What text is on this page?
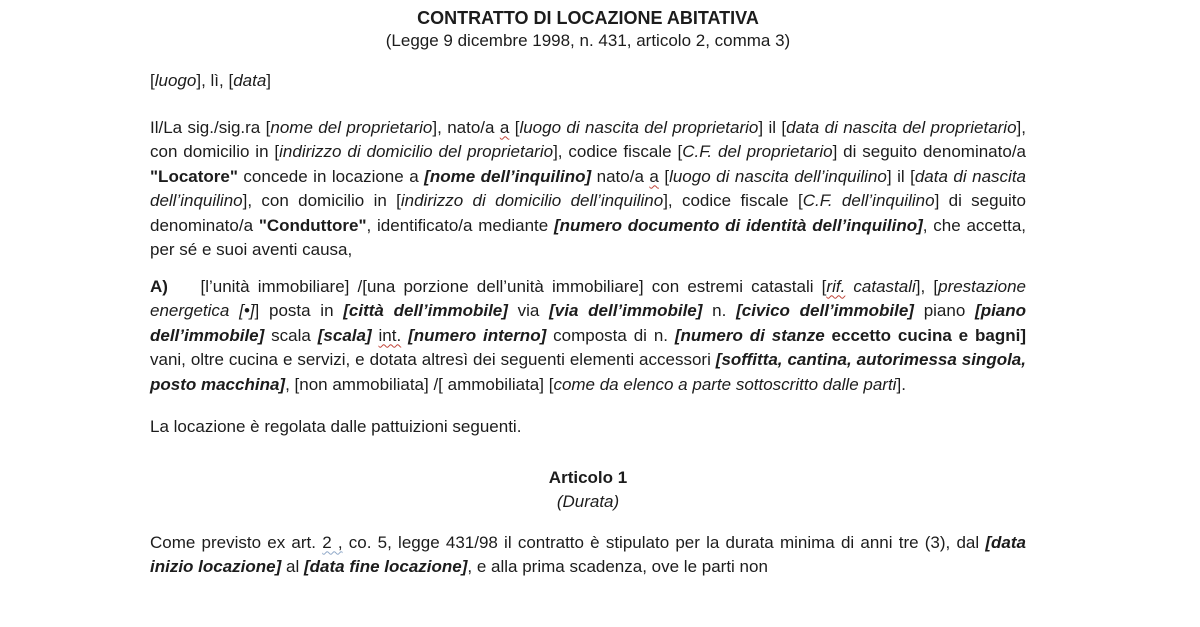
CONTRATTO DI LOCAZIONE ABITATIVA
(Legge 9 dicembre 1998, n. 431, articolo 2, comma 3)

[luogo], lì, [data]

Il/La sig./sig.ra [nome del proprietario], nato/a a [luogo di nascita del proprietario] il [data di nascita del proprietario], con domicilio in [indirizzo di domicilio del proprietario], codice fiscale [C.F. del proprietario] di seguito denominato/a "Locatore" concede in locazione a [nome dell’inquilino] nato/a a [luogo di nascita dell’inquilino] il [data di nascita dell’inquilino], con domicilio in [indirizzo di domicilio dell’inquilino], codice fiscale [C.F. dell’inquilino] di seguito denominato/a "Conduttore", identificato/a mediante [numero documento di identità dell’inquilino], che accetta, per sé e suoi aventi causa,

A)    [l’unità immobiliare] /[una porzione dell’unità immobiliare] con estremi catastali [rif. catastali], [prestazione energetica [•]] posta in [città dell’immobile] via [via dell’immobile] n. [civico dell’immobile] piano [piano dell’immobile] scala [scala] int. [numero interno] composta di n. [numero di stanze eccetto cucina e bagni] vani, oltre cucina e servizi, e dotata altresì dei seguenti elementi accessori [soffitta, cantina, autorimessa singola, posto macchina], [non ammobiliata] /[ ammobiliata] [come da elenco a parte sottoscritto dalle parti].

La locazione è regolata dalle pattuizioni seguenti.

Articolo 1

(Durata)

Come previsto ex art. 2 , co. 5, legge 431/98 il contratto è stipulato per la durata minima di anni tre (3), dal [data inizio locazione] al [data fine locazione], e alla prima scadenza, ove le parti non
